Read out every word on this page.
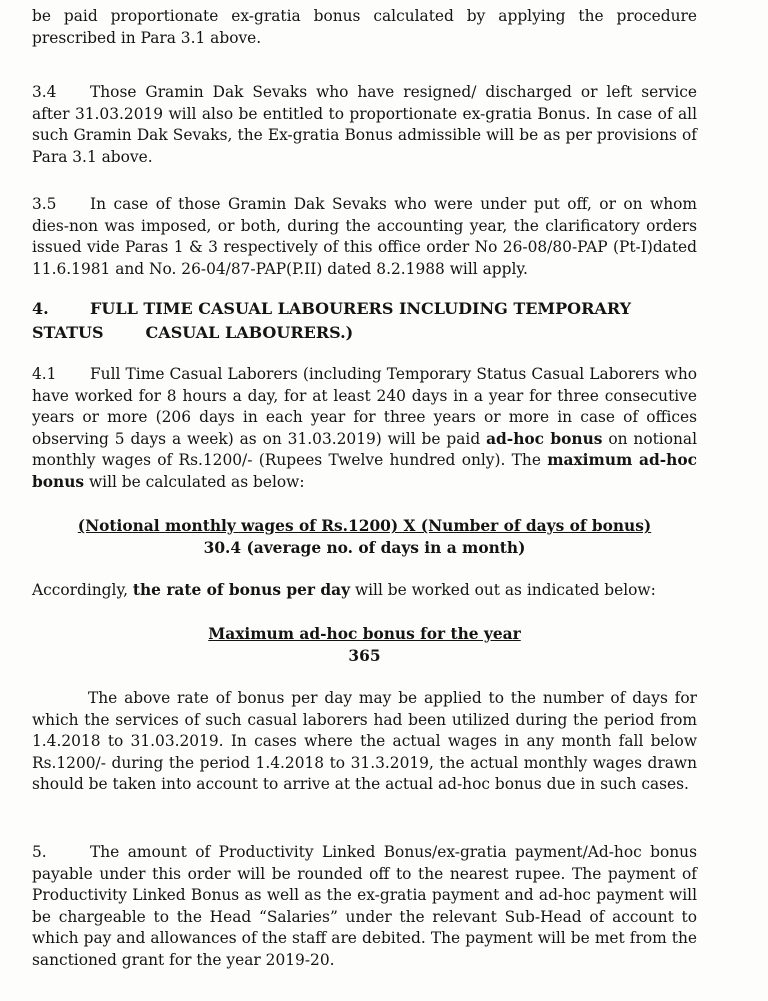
be paid proportionate ex-gratia bonus calculated by applying the procedure prescribed in Para 3.1 above.

3.4 Those Gramin Dak Sevaks who have resigned/ discharged or left service after 31.03.2019 will also be entitled to proportionate ex-gratia Bonus. In case of all such Gramin Dak Sevaks, the Ex-gratia Bonus admissible will be as per provisions of Para 3.1 above.

3.5 In case of those Gramin Dak Sevaks who were under put off, or on whom dies-non was imposed, or both, during the accounting year, the clarificatory orders issued vide Paras 1 & 3 respectively of this office order No 26-08/80-PAP (Pt-I)dated 11.6.1981 and No. 26-04/87-PAP(P.II) dated 8.2.1988 will apply.

4.	FULL TIME CASUAL LABOURERS INCLUDING TEMPORARY
STATUS	CASUAL LABOURERS.)

4.1 Full Time Casual Laborers (including Temporary Status Casual Laborers who have worked for 8 hours a day, for at least 240 days in a year for three consecutive years or more (206 days in each year for three years or more in case of offices observing 5 days a week) as on 31.03.2019) will be paid ad-hoc bonus on notional monthly wages of Rs.1200/- (Rupees Twelve hundred only). The maximum ad-hoc bonus will be calculated as below:

(Notional monthly wages of Rs.1200) X (Number of days of bonus)
30.4 (average no. of days in a month)

Accordingly, the rate of bonus per day will be worked out as indicated below:

Maximum ad-hoc bonus for the year
365

The above rate of bonus per day may be applied to the number of days for which the services of such casual laborers had been utilized during the period from 1.4.2018 to 31.03.2019. In cases where the actual wages in any month fall below Rs.1200/- during the period 1.4.2018 to 31.3.2019, the actual monthly wages drawn should be taken into account to arrive at the actual ad-hoc bonus due in such cases.

5.	The amount of Productivity Linked Bonus/ex-gratia payment/Ad-hoc bonus payable under this order will be rounded off to the nearest rupee. The payment of Productivity Linked Bonus as well as the ex-gratia payment and ad-hoc payment will be chargeable to the Head “Salaries” under the relevant Sub-Head of account to which pay and allowances of the staff are debited. The payment will be met from the sanctioned grant for the year 2019-20.
